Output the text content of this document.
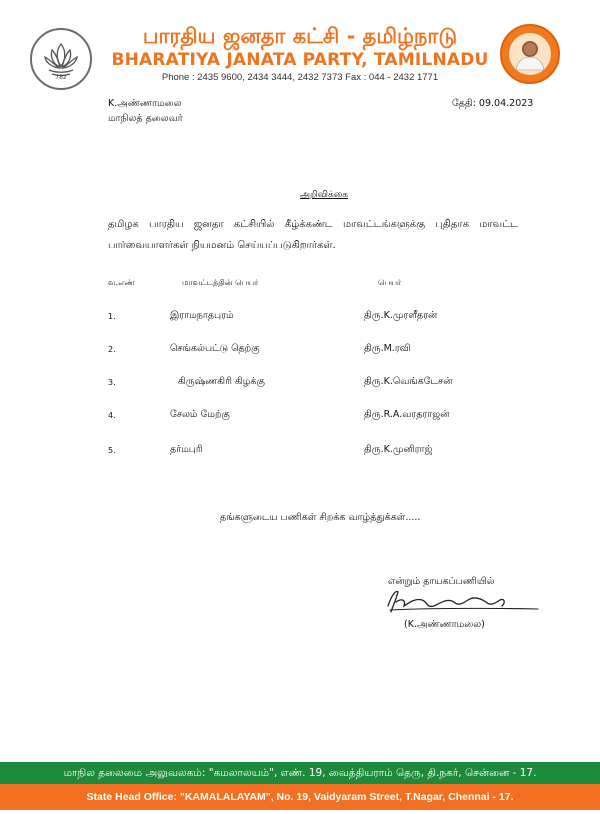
782
பாரதிய ஜனதா கட்சி - தமிழ்நாடு
BHARATIYA JANATA PARTY, TAMILNADU
Phone : 2435 9600, 2434 3444, 2432 7373 Fax : 044 - 2432 1771
K.அண்ணாமலை
மாநிலத் தலைவர்
தேதி: 09.04.2023
அறிவிக்கை
தமிழக பாரதிய ஜனதா கட்சியில் கீழ்க்கண்ட மாவட்டங்களுக்கு புதிதாக மாவட்ட பார்வையாளர்கள் நியமனம் செய்யப்படுகிறார்கள்.
வ.எண்	மாவட்டத்தின் பெயர்	பெயர்
1.	இராமநாதபுரம்	திரு.K.முரளீதரன்
2.	செங்கல்பட்டு தெற்கு	திரு.M.ரவி
3.	கிருஷ்ணகிரி கிழக்கு	திரு.K.வெங்கடேசன்
4.	சேலம் மேற்கு	திரு.R.A.வரதராஜன்
5.	தர்மபுரி	திரு.K.முனிராஜ்
தங்களுடைய பணிகள் சிறக்க வாழ்த்துக்கள்.....
என்றும் தாயகப்பணியில்
(K.அண்ணாமலை)
மாநில தலைமை அலுவலகம்: "கமலாலயம்", எண். 19, வைத்தியராம் தெரு, தி.நகர், சென்னை - 17.
State Head Office: "KAMALALAYAM", No. 19, Vaidyaram Street, T.Nagar, Chennai - 17.
